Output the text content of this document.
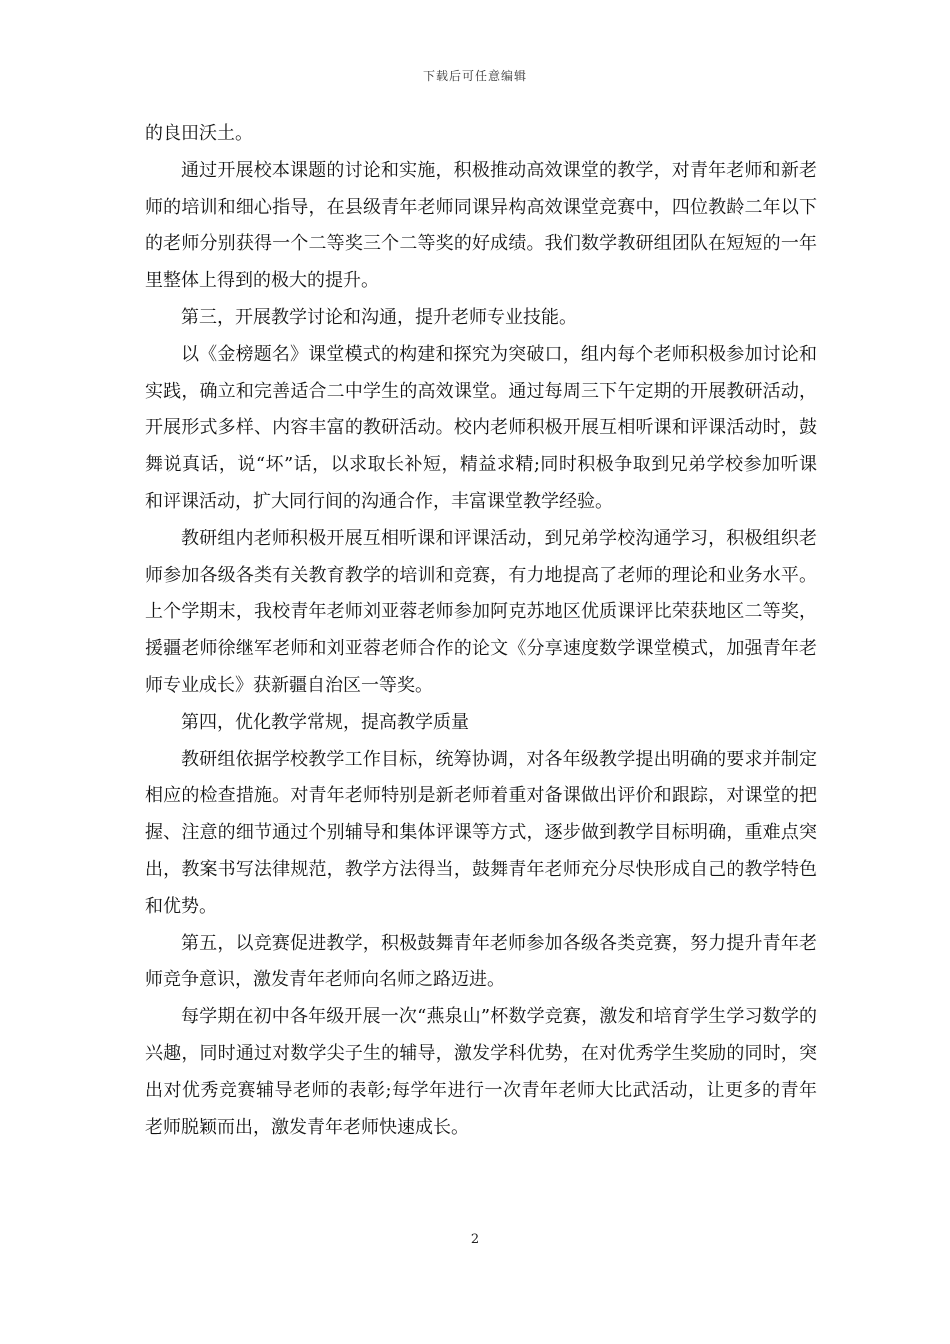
下载后可任意编辑

的良田沃土。

通过开展校本课题的讨论和实施，积极推动高效课堂的教学，对青年老师和新老师的培训和细心指导，在县级青年老师同课异构高效课堂竞赛中，四位教龄二年以下的老师分别获得一个二等奖三个二等奖的好成绩。我们数学教研组团队在短短的一年里整体上得到的极大的提升。

第三，开展教学讨论和沟通，提升老师专业技能。

以《金榜题名》课堂模式的构建和探究为突破口，组内每个老师积极参加讨论和实践，确立和完善适合二中学生的高效课堂。通过每周三下午定期的开展教研活动，开展形式多样、内容丰富的教研活动。校内老师积极开展互相听课和评课活动时，鼓舞说真话，说“坏”话，以求取长补短，精益求精;同时积极争取到兄弟学校参加听课和评课活动，扩大同行间的沟通合作，丰富课堂教学经验。

教研组内老师积极开展互相听课和评课活动，到兄弟学校沟通学习，积极组织老师参加各级各类有关教育教学的培训和竞赛，有力地提高了老师的理论和业务水平。上个学期末，我校青年老师刘亚蓉老师参加阿克苏地区优质课评比荣获地区二等奖，援疆老师徐继军老师和刘亚蓉老师合作的论文《分享速度数学课堂模式，加强青年老师专业成长》获新疆自治区一等奖。

第四，优化教学常规，提高教学质量

教研组依据学校教学工作目标，统筹协调，对各年级教学提出明确的要求并制定相应的检查措施。对青年老师特别是新老师着重对备课做出评价和跟踪，对课堂的把握、注意的细节通过个别辅导和集体评课等方式，逐步做到教学目标明确，重难点突出，教案书写法律规范，教学方法得当，鼓舞青年老师充分尽快形成自己的教学特色和优势。

第五，以竞赛促进教学，积极鼓舞青年老师参加各级各类竞赛，努力提升青年老师竞争意识，激发青年老师向名师之路迈进。

每学期在初中各年级开展一次“燕泉山”杯数学竞赛，激发和培育学生学习数学的兴趣，同时通过对数学尖子生的辅导，激发学科优势，在对优秀学生奖励的同时，突出对优秀竞赛辅导老师的表彰;每学年进行一次青年老师大比武活动，让更多的青年老师脱颖而出，激发青年老师快速成长。

2
